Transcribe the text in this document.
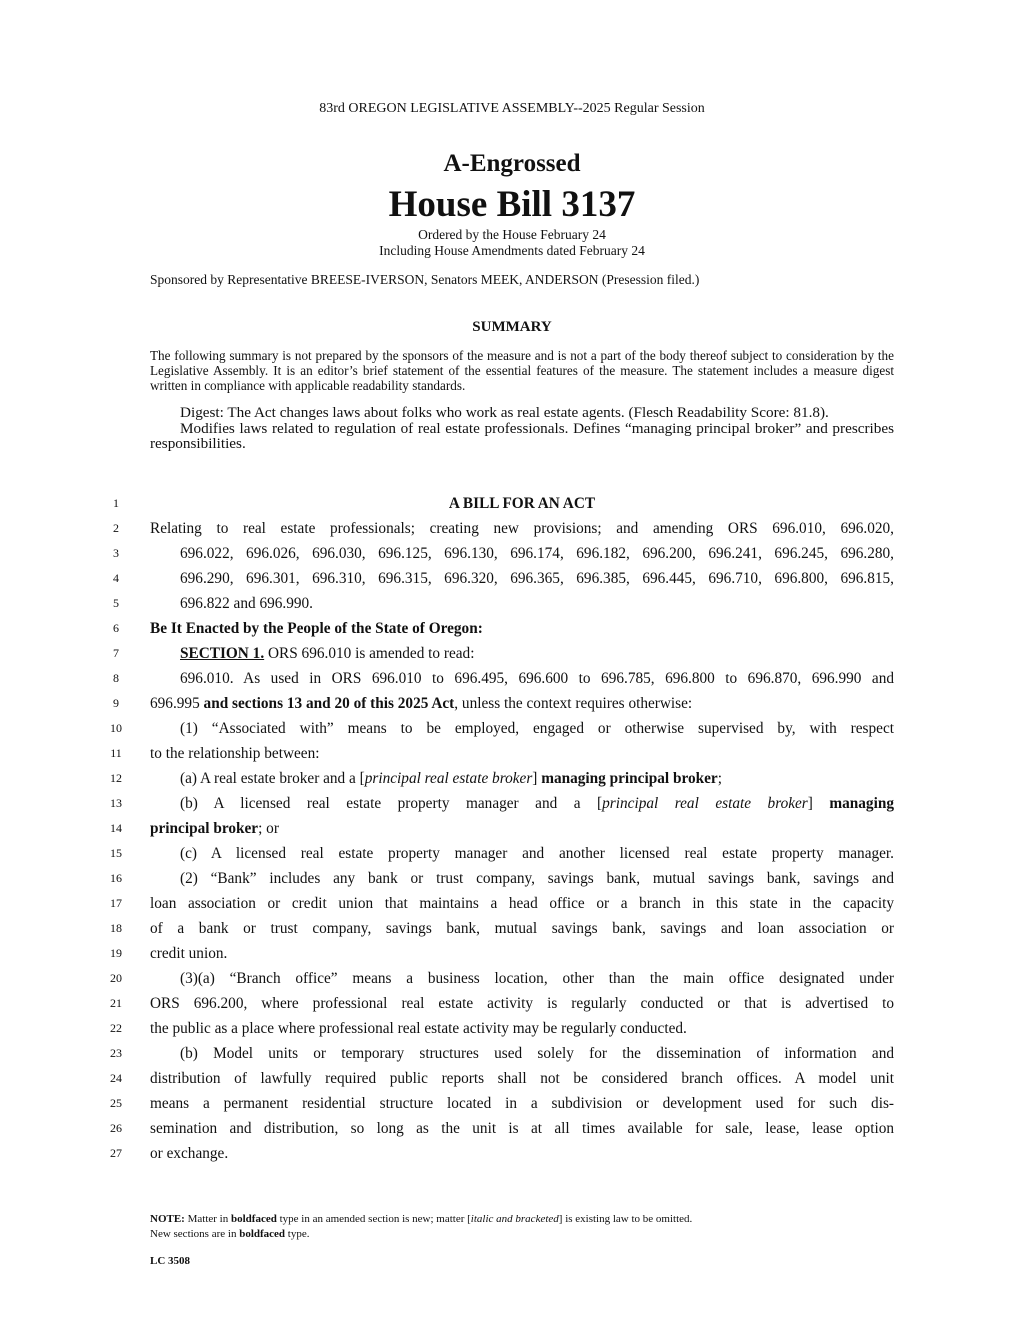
83rd OREGON LEGISLATIVE ASSEMBLY--2025 Regular Session
A-Engrossed
House Bill 3137
Ordered by the House February 24
Including House Amendments dated February 24
Sponsored by Representative BREESE-IVERSON, Senators MEEK, ANDERSON (Presession filed.)
SUMMARY
The following summary is not prepared by the sponsors of the measure and is not a part of the body thereof subject to consideration by the Legislative Assembly. It is an editor’s brief statement of the essential features of the measure. The statement includes a measure digest written in compliance with applicable readability standards.

Digest: The Act changes laws about folks who work as real estate agents. (Flesch Readability Score: 81.8).

Modifies laws related to regulation of real estate professionals. Defines “managing principal broker” and prescribes responsibilities.

1
2
3
4
5
6
7
8
9
10
11
12
13
14
15
16
17
18
19
20
21
22
23
24
25
26
27
A BILL FOR AN ACT
Relating to real estate professionals; creating new provisions; and amending ORS 696.010, 696.020,
696.022, 696.026, 696.030, 696.125, 696.130, 696.174, 696.182, 696.200, 696.241, 696.245, 696.280,
696.290, 696.301, 696.310, 696.315, 696.320, 696.365, 696.385, 696.445, 696.710, 696.800, 696.815,
696.822 and 696.990.
Be It Enacted by the People of the State of Oregon:
SECTION 1. ORS 696.010 is amended to read:
696.010. As used in ORS 696.010 to 696.495, 696.600 to 696.785, 696.800 to 696.870, 696.990 and
696.995 and sections 13 and 20 of this 2025 Act, unless the context requires otherwise:
(1) “Associated with” means to be employed, engaged or otherwise supervised by, with respect
to the relationship between:
(a) A real estate broker and a [principal real estate broker] managing principal broker;
(b) A licensed real estate property manager and a [principal real estate broker] managing
principal broker; or
(c) A licensed real estate property manager and another licensed real estate property manager.
(2) “Bank” includes any bank or trust company, savings bank, mutual savings bank, savings and
loan association or credit union that maintains a head office or a branch in this state in the capacity
of a bank or trust company, savings bank, mutual savings bank, savings and loan association or
credit union.
(3)(a) “Branch office” means a business location, other than the main office designated under
ORS 696.200, where professional real estate activity is regularly conducted or that is advertised to
the public as a place where professional real estate activity may be regularly conducted.
(b) Model units or temporary structures used solely for the dissemination of information and
distribution of lawfully required public reports shall not be considered branch offices. A model unit
means a permanent residential structure located in a subdivision or development used for such dis-
semination and distribution, so long as the unit is at all times available for sale, lease, lease option
or exchange.
NOTE: Matter in boldfaced type in an amended section is new; matter [italic and bracketed] is existing law to be omitted.
New sections are in boldfaced type.
LC 3508
